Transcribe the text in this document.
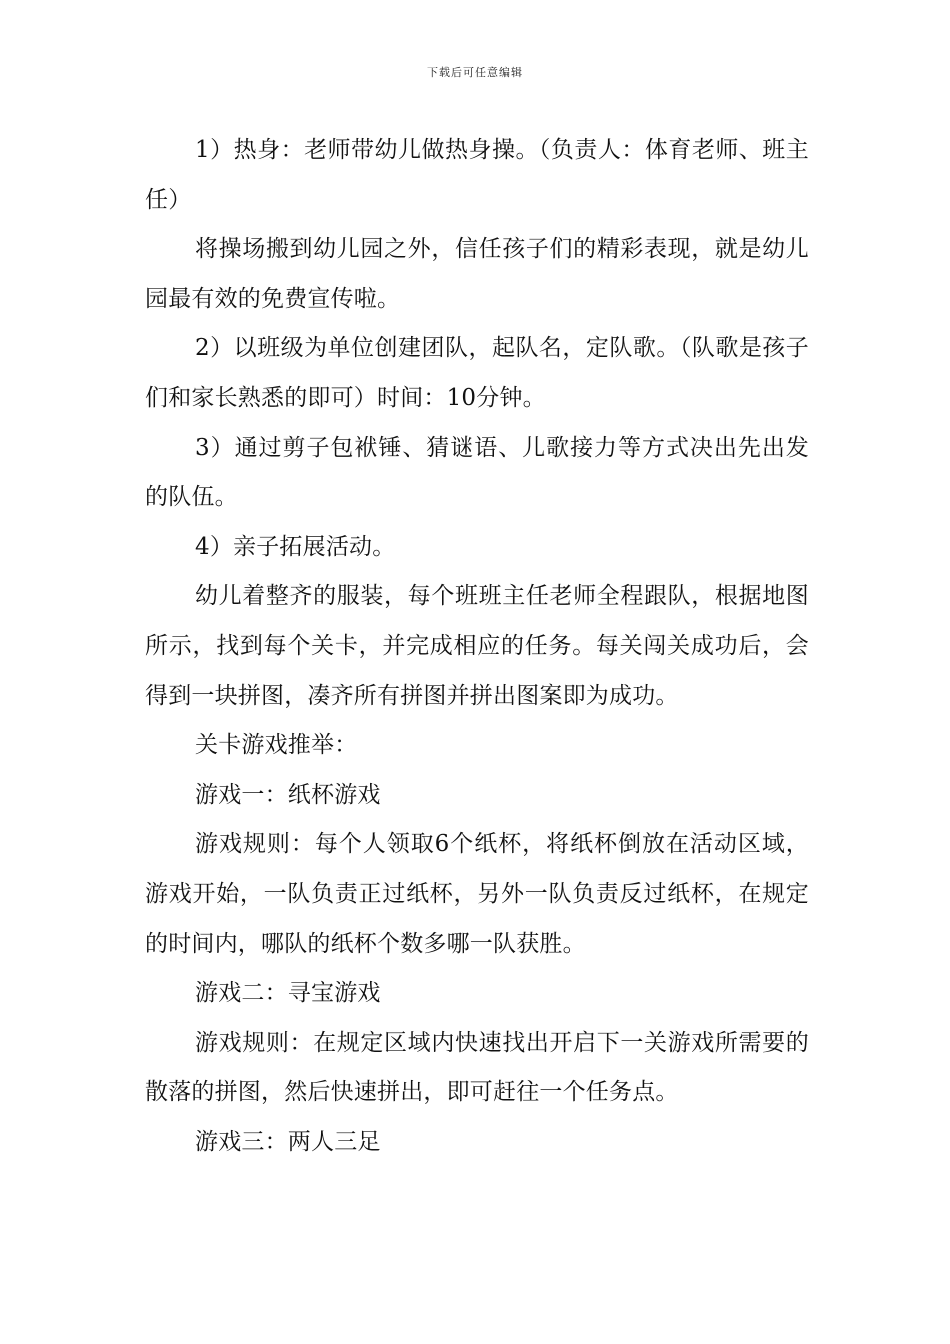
下载后可任意编辑

1）热身：老师带幼儿做热身操。（负责人：体育老师、班主任）

将操场搬到幼儿园之外，信任孩子们的精彩表现，就是幼儿园最有效的免费宣传啦。

2）以班级为单位创建团队，起队名，定队歌。（队歌是孩子们和家长熟悉的即可）时间：10分钟。

3）通过剪子包袱锤、猜谜语、儿歌接力等方式决出先出发的队伍。

4）亲子拓展活动。

幼儿着整齐的服装，每个班班主任老师全程跟队，根据地图所示，找到每个关卡，并完成相应的任务。每关闯关成功后，会得到一块拼图，凑齐所有拼图并拼出图案即为成功。

关卡游戏推举：

游戏一：纸杯游戏

游戏规则：每个人领取6个纸杯，将纸杯倒放在活动区域，游戏开始，一队负责正过纸杯，另外一队负责反过纸杯，在规定的时间内，哪队的纸杯个数多哪一队获胜。

游戏二：寻宝游戏

游戏规则：在规定区域内快速找出开启下一关游戏所需要的散落的拼图，然后快速拼出，即可赶往一个任务点。

游戏三：两人三足
